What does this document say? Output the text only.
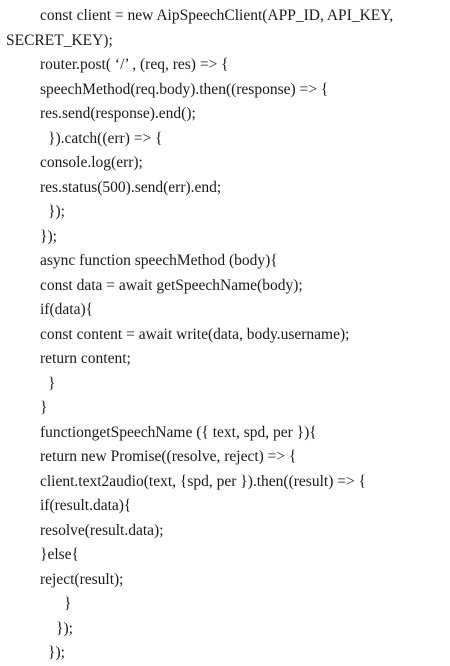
const client = new AipSpeechClient(APP_ID, API_KEY,
SECRET_KEY);
router.post( ‘/’ , (req, res) => {
speechMethod(req.body).then((response) => {
res.send(response).end();
}).catch((err) => {
console.log(err);
res.status(500).send(err).end;
});
});
async function speechMethod (body){
const data = await getSpeechName(body);
if(data){
const content = await write(data, body.username);
return content;
}
}
functiongetSpeechName ({ text, spd, per }){
return new Promise((resolve, reject) => {
client.text2audio(text, {spd, per }).then((result) => {
if(result.data){
resolve(result.data);
}else{
reject(result);
}
});
});
